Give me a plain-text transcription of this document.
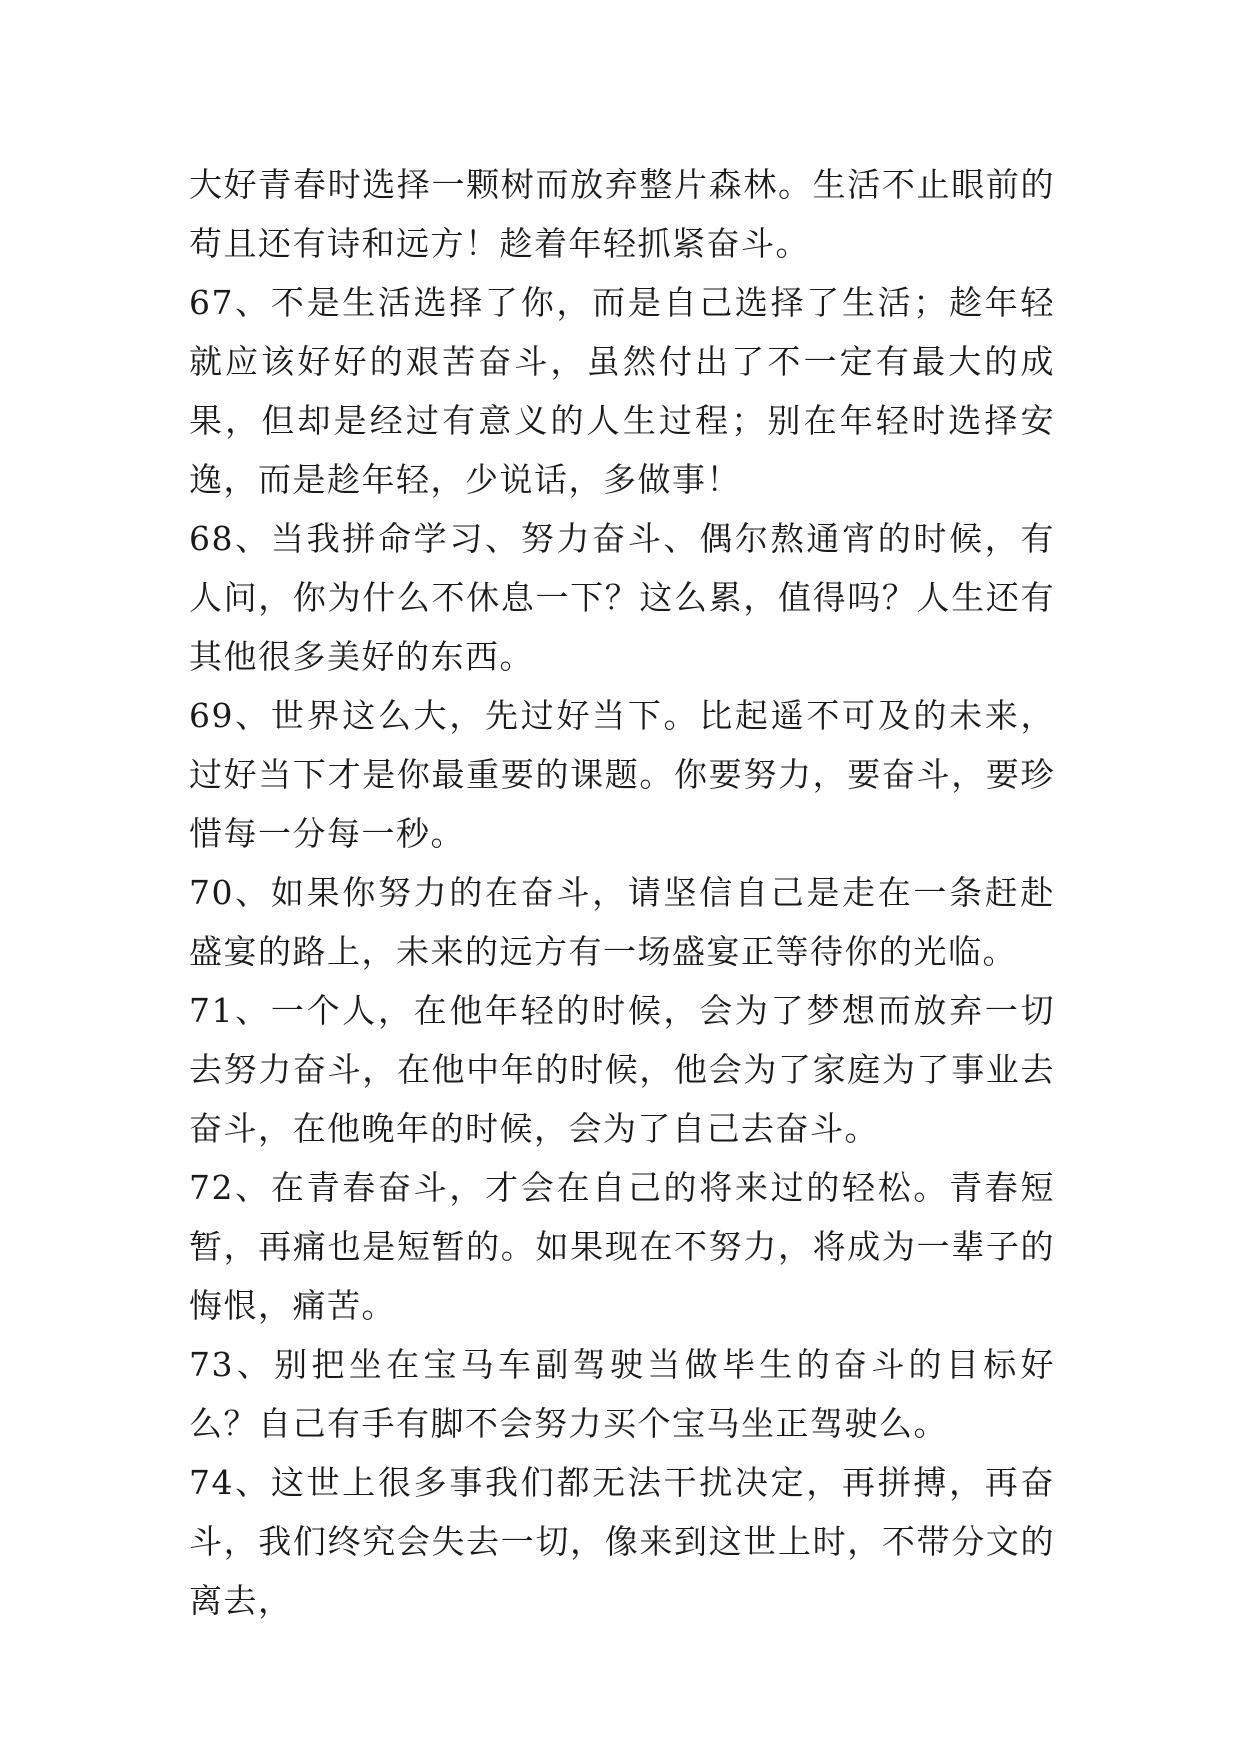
大好青春时选择一颗树而放弃整片森林。生活不止眼前的苟且还有诗和远方！趁着年轻抓紧奋斗。

67、不是生活选择了你，而是自己选择了生活；趁年轻就应该好好的艰苦奋斗，虽然付出了不一定有最大的成果，但却是经过有意义的人生过程；别在年轻时选择安逸，而是趁年轻，少说话，多做事！

68、当我拼命学习、努力奋斗、偶尔熬通宵的时候，有人问，你为什么不休息一下？这么累，值得吗？人生还有其他很多美好的东西。

69、世界这么大，先过好当下。比起遥不可及的未来，过好当下才是你最重要的课题。你要努力，要奋斗，要珍惜每一分每一秒。

70、如果你努力的在奋斗，请坚信自己是走在一条赶赴盛宴的路上，未来的远方有一场盛宴正等待你的光临。

71、一个人，在他年轻的时候，会为了梦想而放弃一切去努力奋斗，在他中年的时候，他会为了家庭为了事业去奋斗，在他晚年的时候，会为了自己去奋斗。

72、在青春奋斗，才会在自己的将来过的轻松。青春短暂，再痛也是短暂的。如果现在不努力，将成为一辈子的悔恨，痛苦。

73、别把坐在宝马车副驾驶当做毕生的奋斗的目标好么？自己有手有脚不会努力买个宝马坐正驾驶么。

74、这世上很多事我们都无法干扰决定，再拼搏，再奋斗，我们终究会失去一切，像来到这世上时，不带分文的离去，
